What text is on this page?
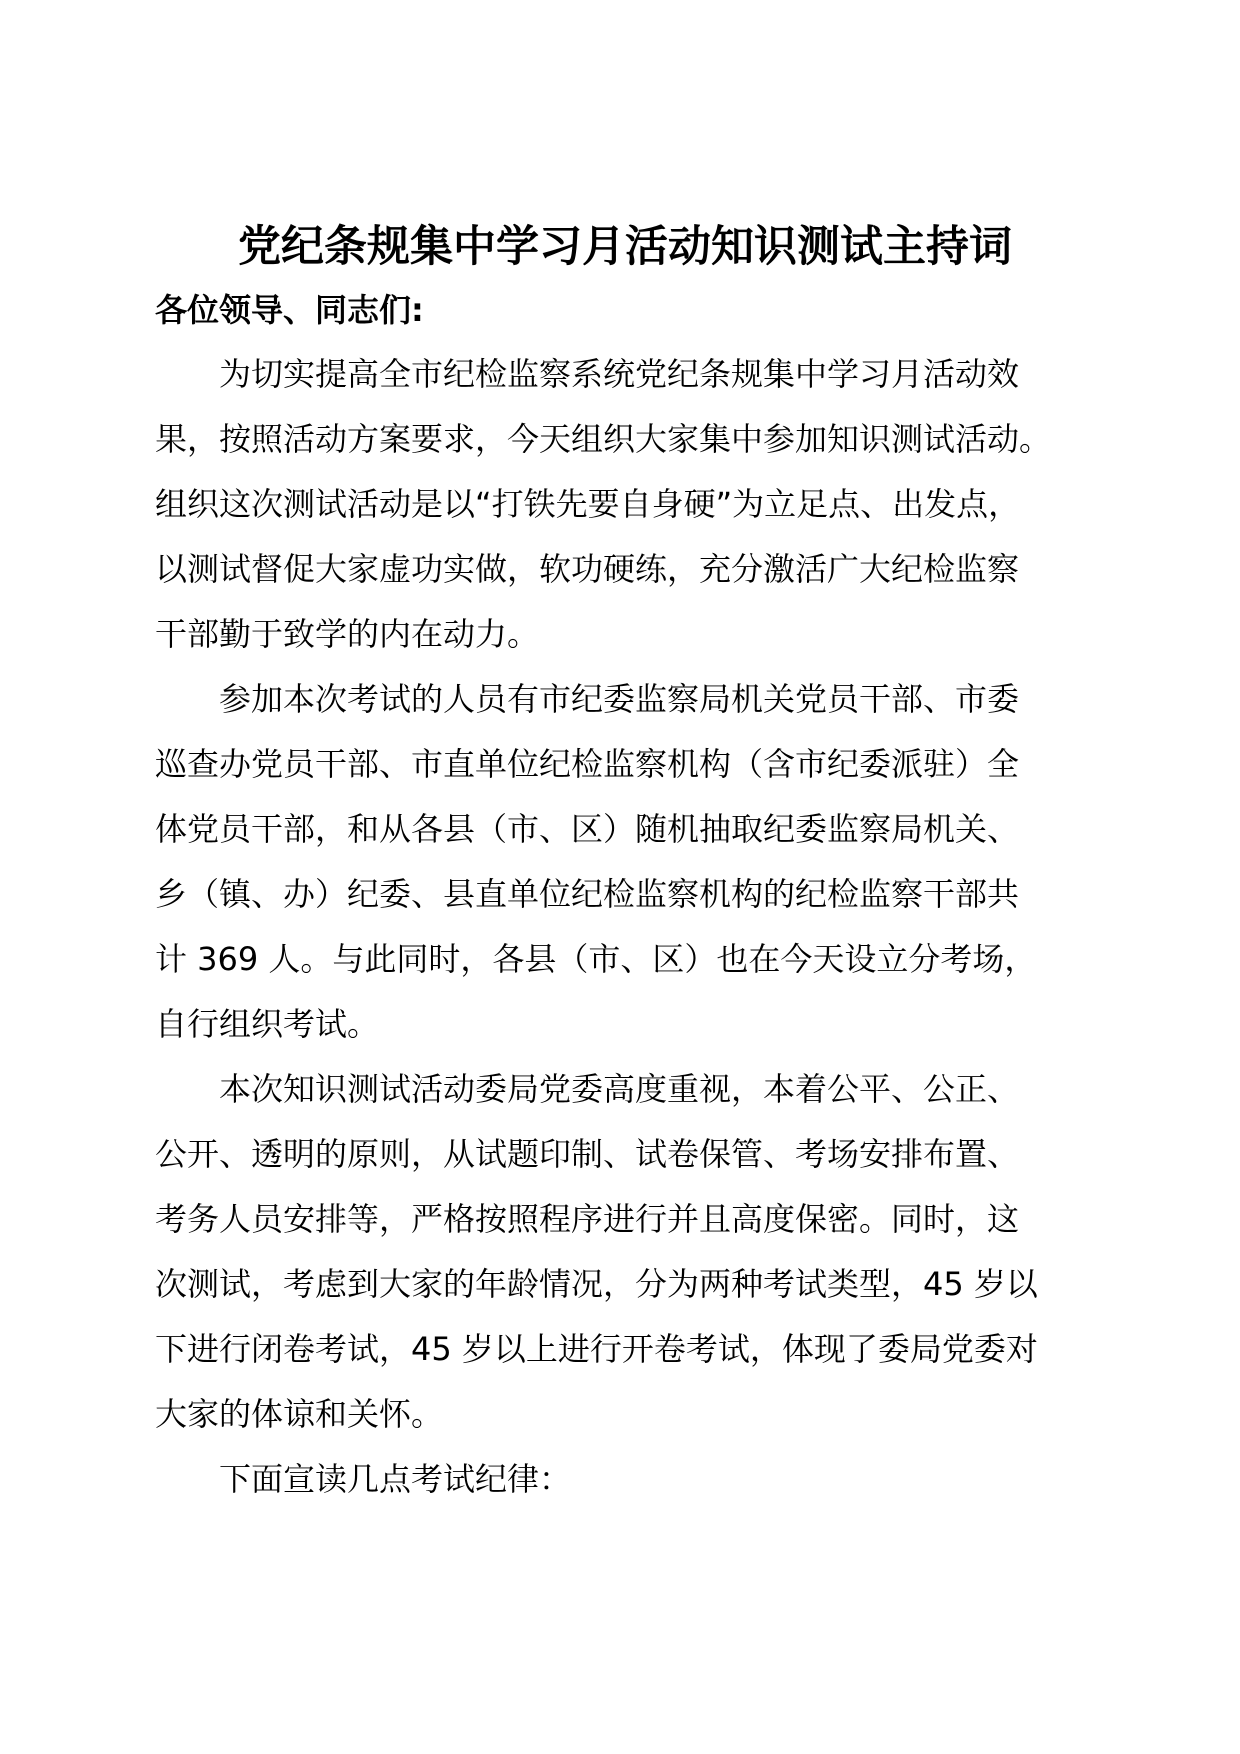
党纪条规集中学习月活动知识测试主持词
各位领导、同志们:
为切实提高全市纪检监察系统党纪条规集中学习月活动效
果，按照活动方案要求，今天组织大家集中参加知识测试活动。
组织这次测试活动是以“打铁先要自身硬”为立足点、出发点，
以测试督促大家虚功实做，软功硬练，充分激活广大纪检监察
干部勤于致学的内在动力。
参加本次考试的人员有市纪委监察局机关党员干部、市委
巡查办党员干部、市直单位纪检监察机构（含市纪委派驻）全
体党员干部，和从各县（市、区）随机抽取纪委监察局机关、
乡（镇、办）纪委、县直单位纪检监察机构的纪检监察干部共
计 369 人。与此同时，各县（市、区）也在今天设立分考场，
自行组织考试。
本次知识测试活动委局党委高度重视，本着公平、公正、
公开、透明的原则，从试题印制、试卷保管、考场安排布置、
考务人员安排等，严格按照程序进行并且高度保密。同时，这
次测试，考虑到大家的年龄情况，分为两种考试类型，45 岁以
下进行闭卷考试，45 岁以上进行开卷考试，体现了委局党委对
大家的体谅和关怀。
下面宣读几点考试纪律：
